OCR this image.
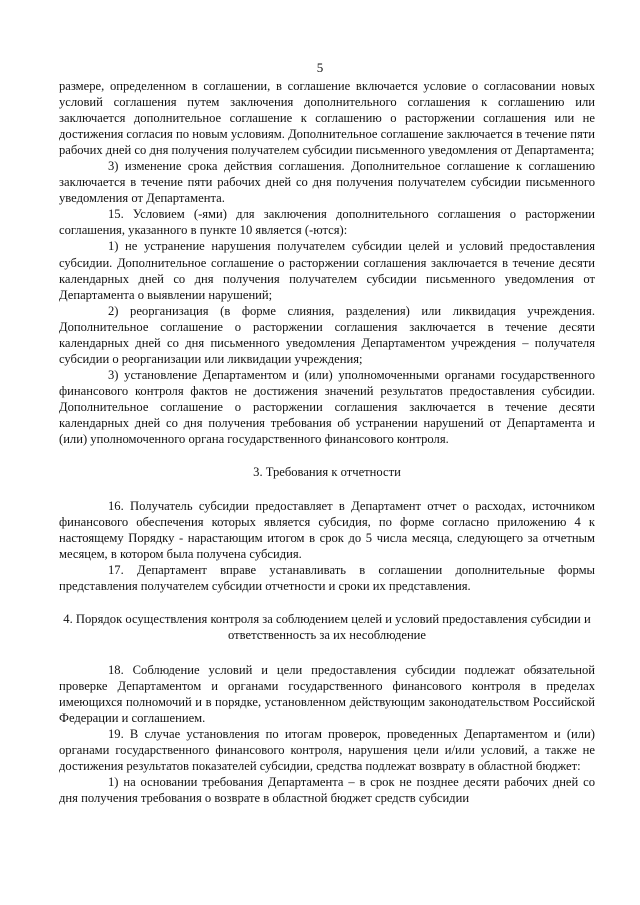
5

размере, определенном в соглашении, в соглашение включается условие о согласовании новых условий соглашения путем заключения дополнительного соглашения к соглашению или заключается дополнительное соглашение к соглашению о расторжении соглашения или не достижения согласия по новым условиям. Дополнительное соглашение заключается в течение пяти рабочих дней со дня получения получателем субсидии письменного уведомления от Департамента;

3) изменение срока действия соглашения. Дополнительное соглашение к соглашению заключается в течение пяти рабочих дней со дня получения получателем субсидии письменного уведомления от Департамента.

15. Условием (-ями) для заключения дополнительного соглашения о расторжении соглашения, указанного в пункте 10 является (-ются):

1) не устранение нарушения получателем субсидии целей и условий предоставления субсидии. Дополнительное соглашение о расторжении соглашения заключается в течение десяти календарных дней со дня получения получателем субсидии письменного уведомления от Департамента о выявлении нарушений;

2) реорганизация (в форме слияния, разделения) или ликвидация учреждения. Дополнительное соглашение о расторжении соглашения заключается в течение десяти календарных дней со дня письменного уведомления Департаментом учреждения – получателя субсидии о реорганизации или ликвидации учреждения;

3) установление Департаментом и (или) уполномоченными органами государственного финансового контроля фактов не достижения значений результатов предоставления субсидии. Дополнительное соглашение о расторжении соглашения заключается в течение десяти календарных дней со дня получения требования об устранении нарушений от Департамента и (или) уполномоченного органа государственного финансового контроля.

3. Требования к отчетности

16. Получатель субсидии предоставляет в Департамент отчет о расходах, источником финансового обеспечения которых является субсидия, по форме согласно приложению 4 к настоящему Порядку - нарастающим итогом в срок до 5 числа месяца, следующего за отчетным месяцем, в котором была получена субсидия.

17. Департамент вправе устанавливать в соглашении дополнительные формы представления получателем субсидии отчетности и сроки их представления.

4. Порядок осуществления контроля за соблюдением целей и условий предоставления субсидии и ответственность за их несоблюдение

18. Соблюдение условий и цели предоставления субсидии подлежат обязательной проверке Департаментом и органами государственного финансового контроля в пределах имеющихся полномочий и в порядке, установленном действующим законодательством Российской Федерации и соглашением.

19. В случае установления по итогам проверок, проведенных Департаментом и (или) органами государственного финансового контроля, нарушения цели и/или условий, а также не достижения результатов показателей субсидии, средства подлежат возврату в областной бюджет:

1) на основании требования Департамента – в срок не позднее десяти рабочих дней со дня получения требования о возврате в областной бюджет средств субсидии
